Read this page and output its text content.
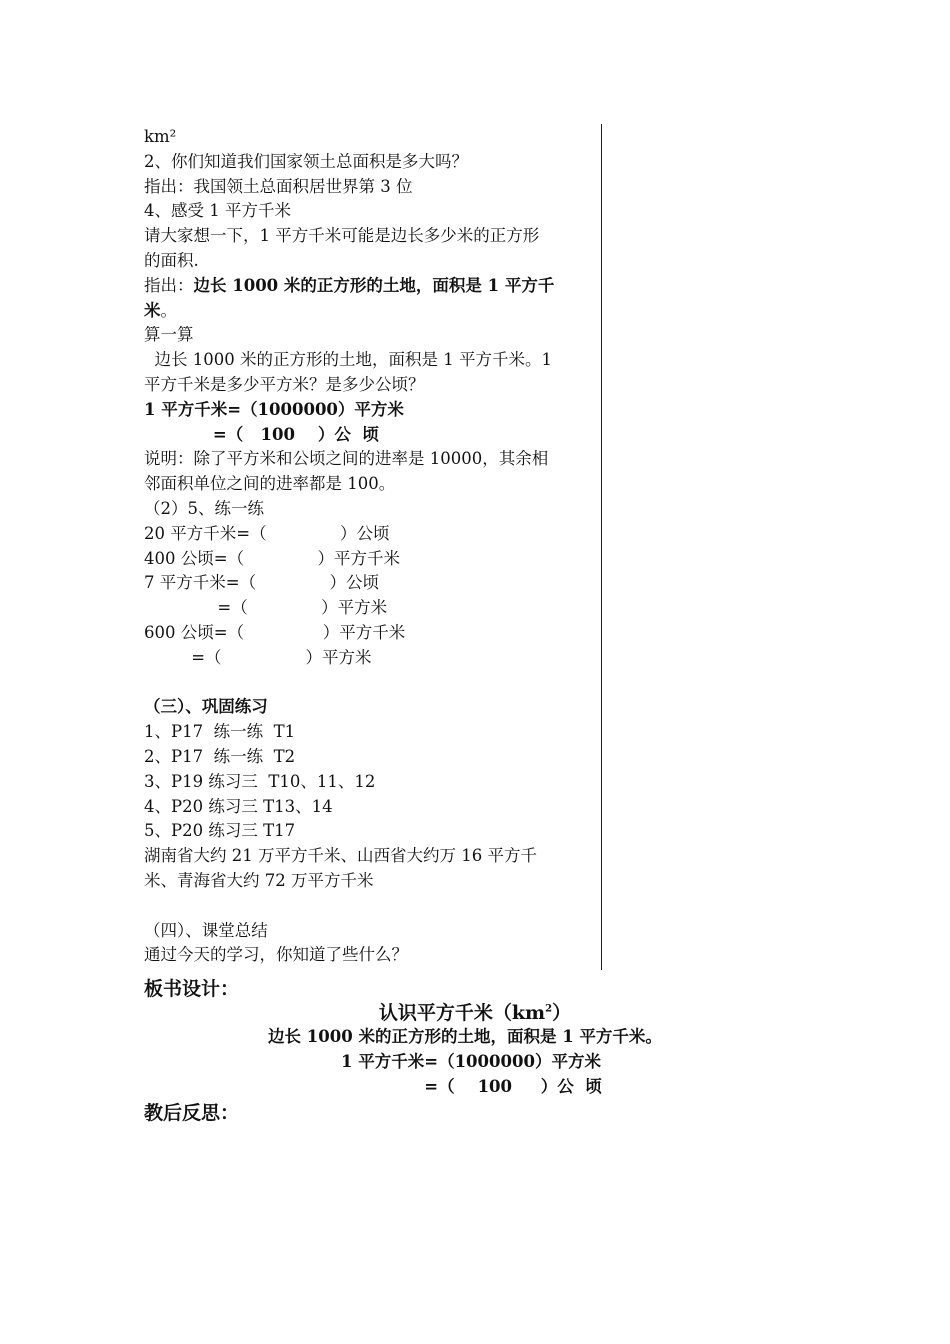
km²
2、你们知道我们国家领土总面积是多大吗？
指出：我国领土总面积居世界第 3 位
4、感受 1 平方千米
请大家想一下，1 平方千米可能是边长多少米的正方形
的面积.
指出：边长 1000 米的正方形的土地，面积是 1 平方千
米。
算一算
边长 1000 米的正方形的土地，面积是 1 平方千米。1
平方千米是多少平方米？是多少公顷？
1 平方千米=（1000000）平方米
=（   100    ）公  顷
说明：除了平方米和公顷之间的进率是 10000，其余相
邻面积单位之间的进率都是 100。
（2）5、练一练
20 平方千米=（              ）公顷
400 公顷=（              ）平方千米
7 平方千米=（              ）公顷
=（              ）平方米
600 公顷=（               ）平方千米
=（                ）平方米
（三）、巩固练习
1、P17  练一练  T1
2、P17  练一练  T2
3、P19 练习三  T10、11、12
4、P20 练习三 T13、14
5、P20 练习三 T17
湖南省大约 21 万平方千米、山西省大约万 16 平方千
米、青海省大约 72 万平方千米
（四）、课堂总结
通过今天的学习，你知道了些什么？
板书设计：
认识平方千米$(km^2)$
边长 1000 米的正方形的土地，面积是 1 平方千米。
1 平方千米=（1000000）平方米
=（    100     ）公  顷
教后反思：
